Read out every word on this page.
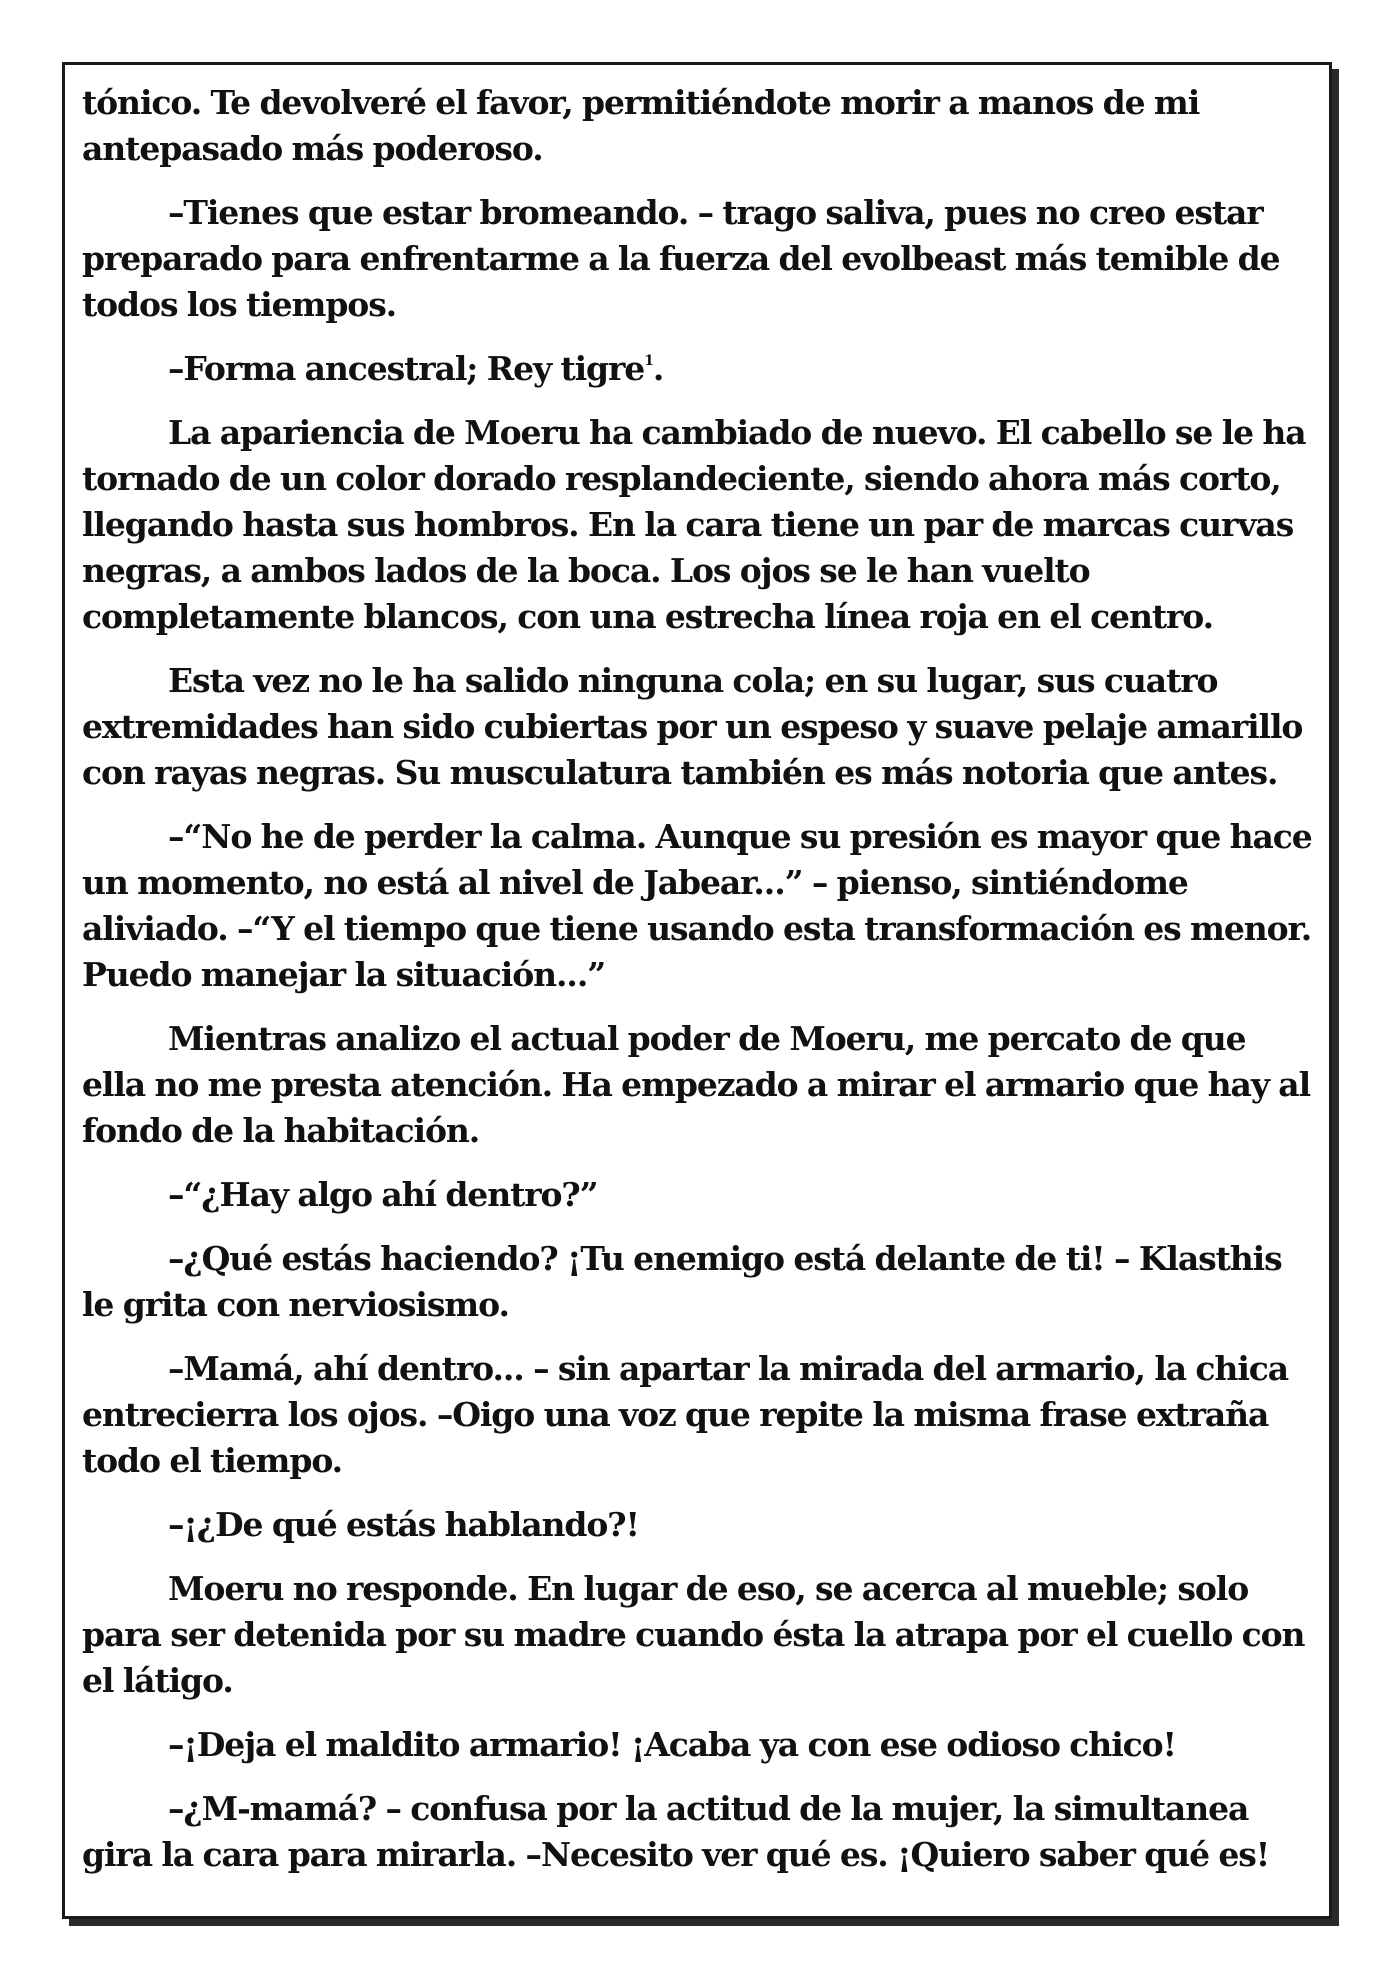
tónico. Te devolveré el favor, permitiéndote morir a manos de mi antepasado más poderoso.

–Tienes que estar bromeando. – trago saliva, pues no creo estar preparado para enfrentarme a la fuerza del evolbeast más temible de todos los tiempos.

–Forma ancestral; Rey tigre$^1$.

La apariencia de Moeru ha cambiado de nuevo. El cabello se le ha tornado de un color dorado resplandeciente, siendo ahora más corto, llegando hasta sus hombros. En la cara tiene un par de marcas curvas negras, a ambos lados de la boca. Los ojos se le han vuelto completamente blancos, con una estrecha línea roja en el centro.

Esta vez no le ha salido ninguna cola; en su lugar, sus cuatro extremidades han sido cubiertas por un espeso y suave pelaje amarillo con rayas negras. Su musculatura también es más notoria que antes.

–“No he de perder la calma. Aunque su presión es mayor que hace un momento, no está al nivel de Jabear...” – pienso, sintiéndome aliviado. –“Y el tiempo que tiene usando esta transformación es menor. Puedo manejar la situación...”

Mientras analizo el actual poder de Moeru, me percato de que ella no me presta atención. Ha empezado a mirar el armario que hay al fondo de la habitación.

–“¿Hay algo ahí dentro?”

–¿Qué estás haciendo? ¡Tu enemigo está delante de ti! – Klasthis le grita con nerviosismo.

–Mamá, ahí dentro... – sin apartar la mirada del armario, la chica entrecierra los ojos. –Oigo una voz que repite la misma frase extraña todo el tiempo.

–¡¿De qué estás hablando?!

Moeru no responde. En lugar de eso, se acerca al mueble; solo para ser detenida por su madre cuando ésta la atrapa por el cuello con el látigo.

–¡Deja el maldito armario! ¡Acaba ya con ese odioso chico!

–¿M-mamá? – confusa por la actitud de la mujer, la simultanea gira la cara para mirarla. –Necesito ver qué es. ¡Quiero saber qué es!
